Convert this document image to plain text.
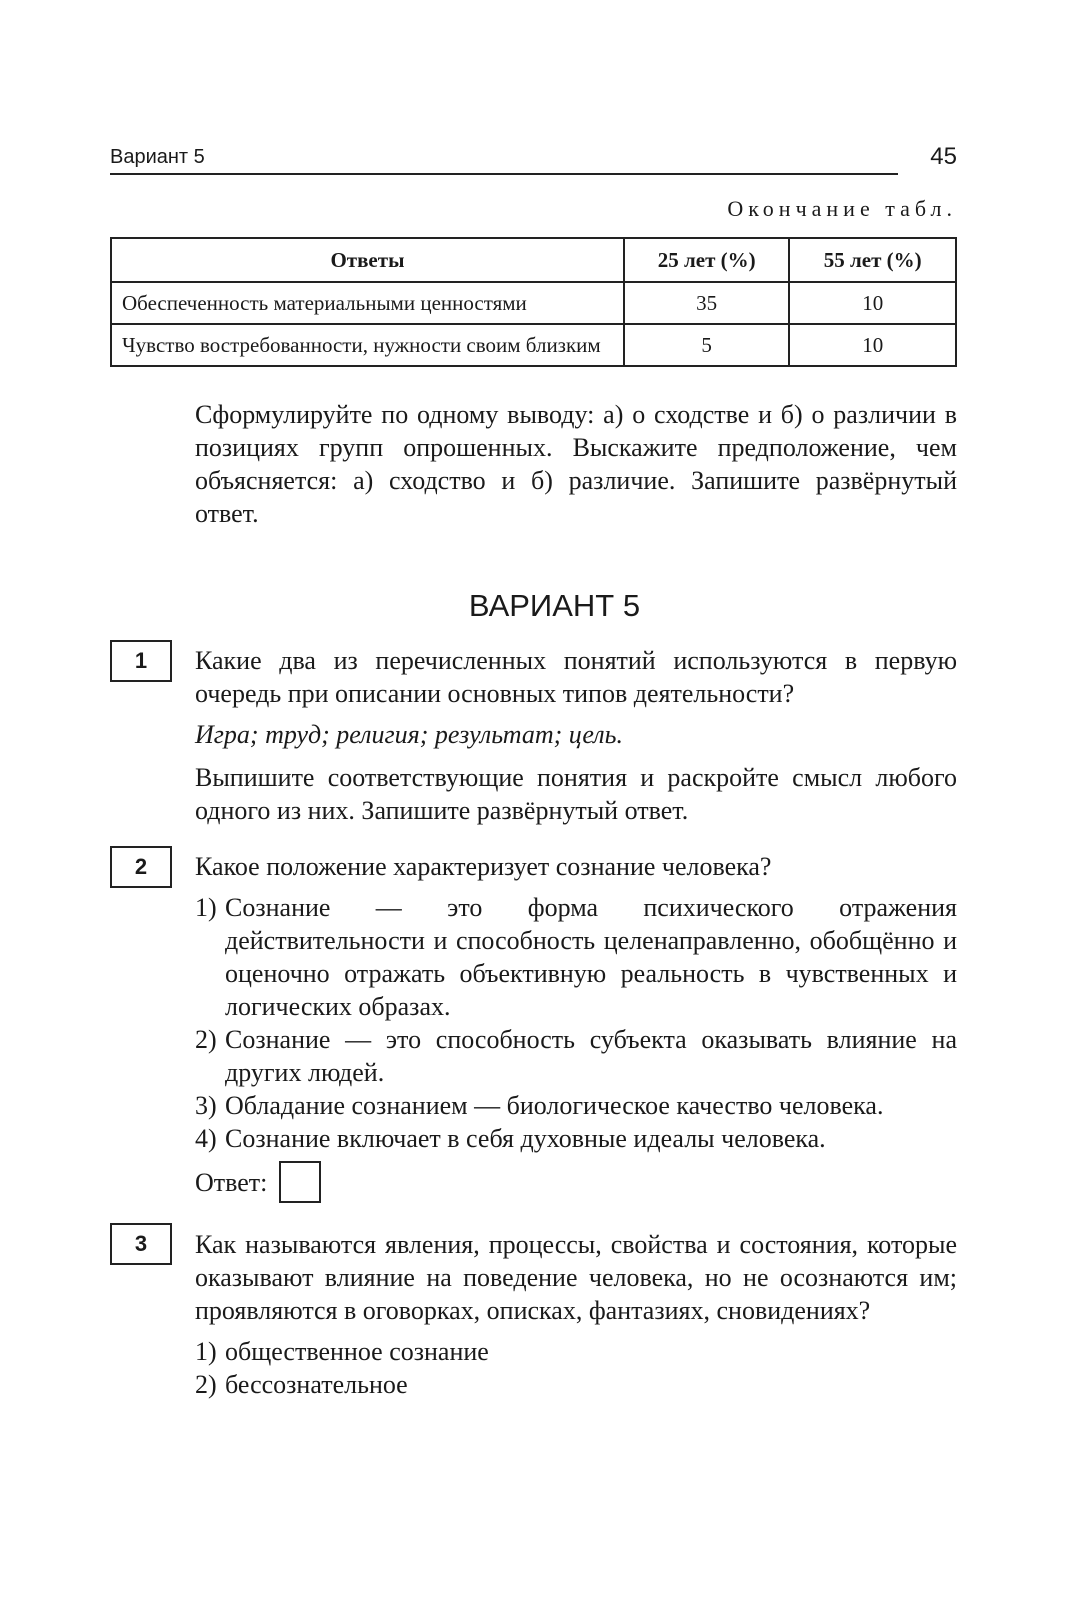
Вариант 5	45
Окончание табл.
Ответы	25 лет (%)	55 лет (%)
Обеспеченность материальными ценностями	35	10
Чувство востребованности, нужности своим близким	5	10
Сформулируйте по одному выводу: а) о сходстве и б) о различии в позициях групп опрошенных. Выскажите предположение, чем объясняется: а) сходство и б) различие. Запишите развёрнутый ответ.
ВАРИАНТ 5
1	Какие два из перечисленных понятий используются в первую очередь при описании основных типов деятельности?
Игра; труд; религия; результат; цель.
Выпишите соответствующие понятия и раскройте смысл любого одного из них. Запишите развёрнутый ответ.
2	Какое положение характеризует сознание человека?
1) Сознание — это форма психического отражения действительности и способность целенаправленно, обобщённо и оценочно отражать объективную реальность в чувственных и логических образах.
2) Сознание — это способность субъекта оказывать влияние на других людей.
3) Обладание сознанием — биологическое качество человека.
4) Сознание включает в себя духовные идеалы человека.
Ответ:
3	Как называются явления, процессы, свойства и состояния, которые оказывают влияние на поведение человека, но не осознаются им; проявляются в оговорках, описках, фантазиях, сновидениях?
1) общественное сознание
2) бессознательное
